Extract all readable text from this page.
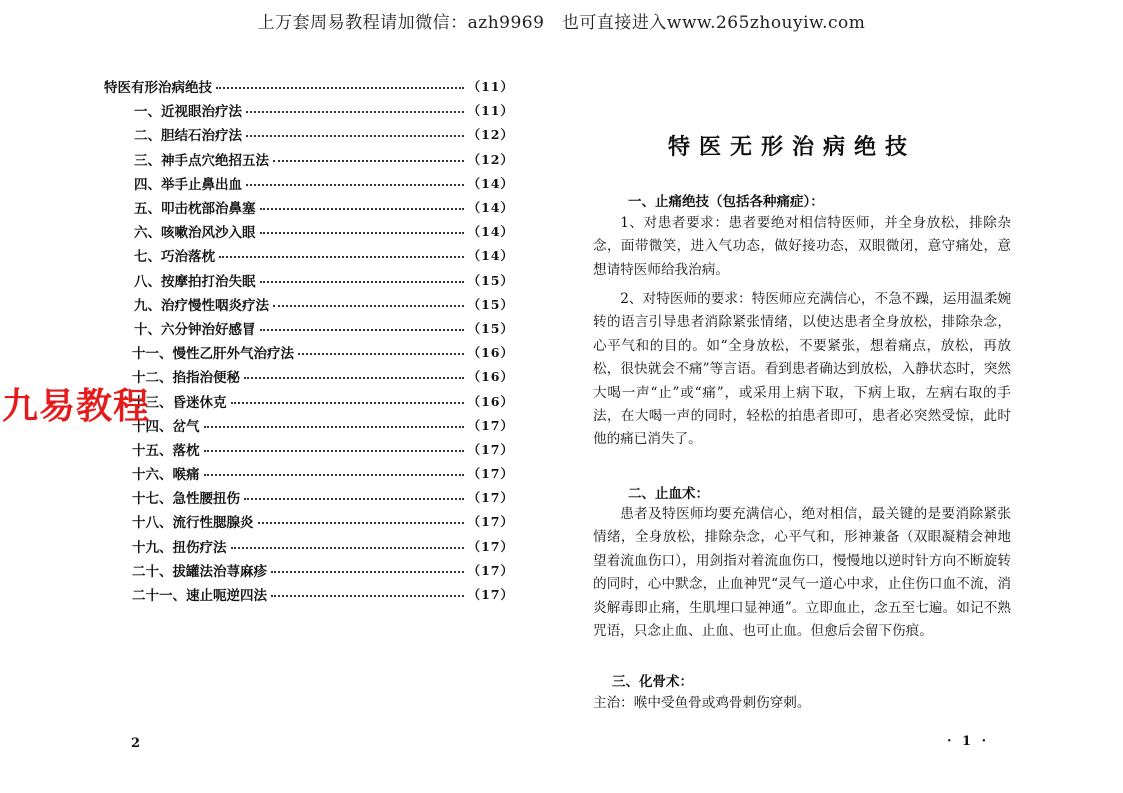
上万套周易教程请加微信：azh9969　也可直接进入www.265zhouyiw.com
特医有形治病绝技	（11）
一、近视眼治疗法	（11）
二、胆结石治疗法	（12）
三、神手点穴绝招五法	（12）
四、举手止鼻出血	（14）
五、叩击枕部治鼻塞	（14）
六、咳嗽治风沙入眼	（14）
七、巧治落枕	（14）
八、按摩拍打治失眠	（15）
九、治疗慢性咽炎疗法	（15）
十、六分钟治好感冒	（15）
十一、慢性乙肝外气治疗法	（16）
十二、掐指治便秘	（16）
十三、昏迷休克	（16）
十四、岔气	（17）
十五、落枕	（17）
十六、喉痛	（17）
十七、急性腰扭伤	（17）
十八、流行性腮腺炎	（17）
十九、扭伤疗法	（17）
二十、拔罐法治荨麻疹	（17）
二十一、速止呃逆四法	（17）
九易教程
2	· 1 ·
特医无形治病绝技
一、止痛绝技（包括各种痛症）：
1、对患者要求：患者要绝对相信特医师，并全身放松，排除杂念，面带微笑，进入气功态，做好接功态，双眼微闭，意守痛处，意想请特医师给我治病。
2、对特医师的要求：特医师应充满信心，不急不躁，运用温柔婉转的语言引导患者消除紧张情绪，以使达患者全身放松，排除杂念，心平气和的目的。如“全身放松，不要紧张，想着痛点，放松，再放松，很快就会不痛”等言语。看到患者确达到放松，入静状态时，突然大喝一声“止”或“痛”，或采用上病下取，下病上取，左病右取的手法，在大喝一声的同时，轻松的拍患者即可，患者必突然受惊，此时他的痛已消失了。
二、止血术：
患者及特医师均要充满信心，绝对相信，最关键的是要消除紧张情绪，全身放松，排除杂念，心平气和，形神兼备（双眼凝精会神地望着流血伤口），用剑指对着流血伤口，慢慢地以逆时针方向不断旋转的同时，心中默念，止血神咒“灵气一道心中求，止住伤口血不流，消炎解毒即止痛，生肌埋口显神通”。立即血止，念五至七遍。如记不熟咒语，只念止血、止血、也可止血。但愈后会留下伤痕。
三、化骨术：
主治：喉中受鱼骨或鸡骨刺伤穿刺。
